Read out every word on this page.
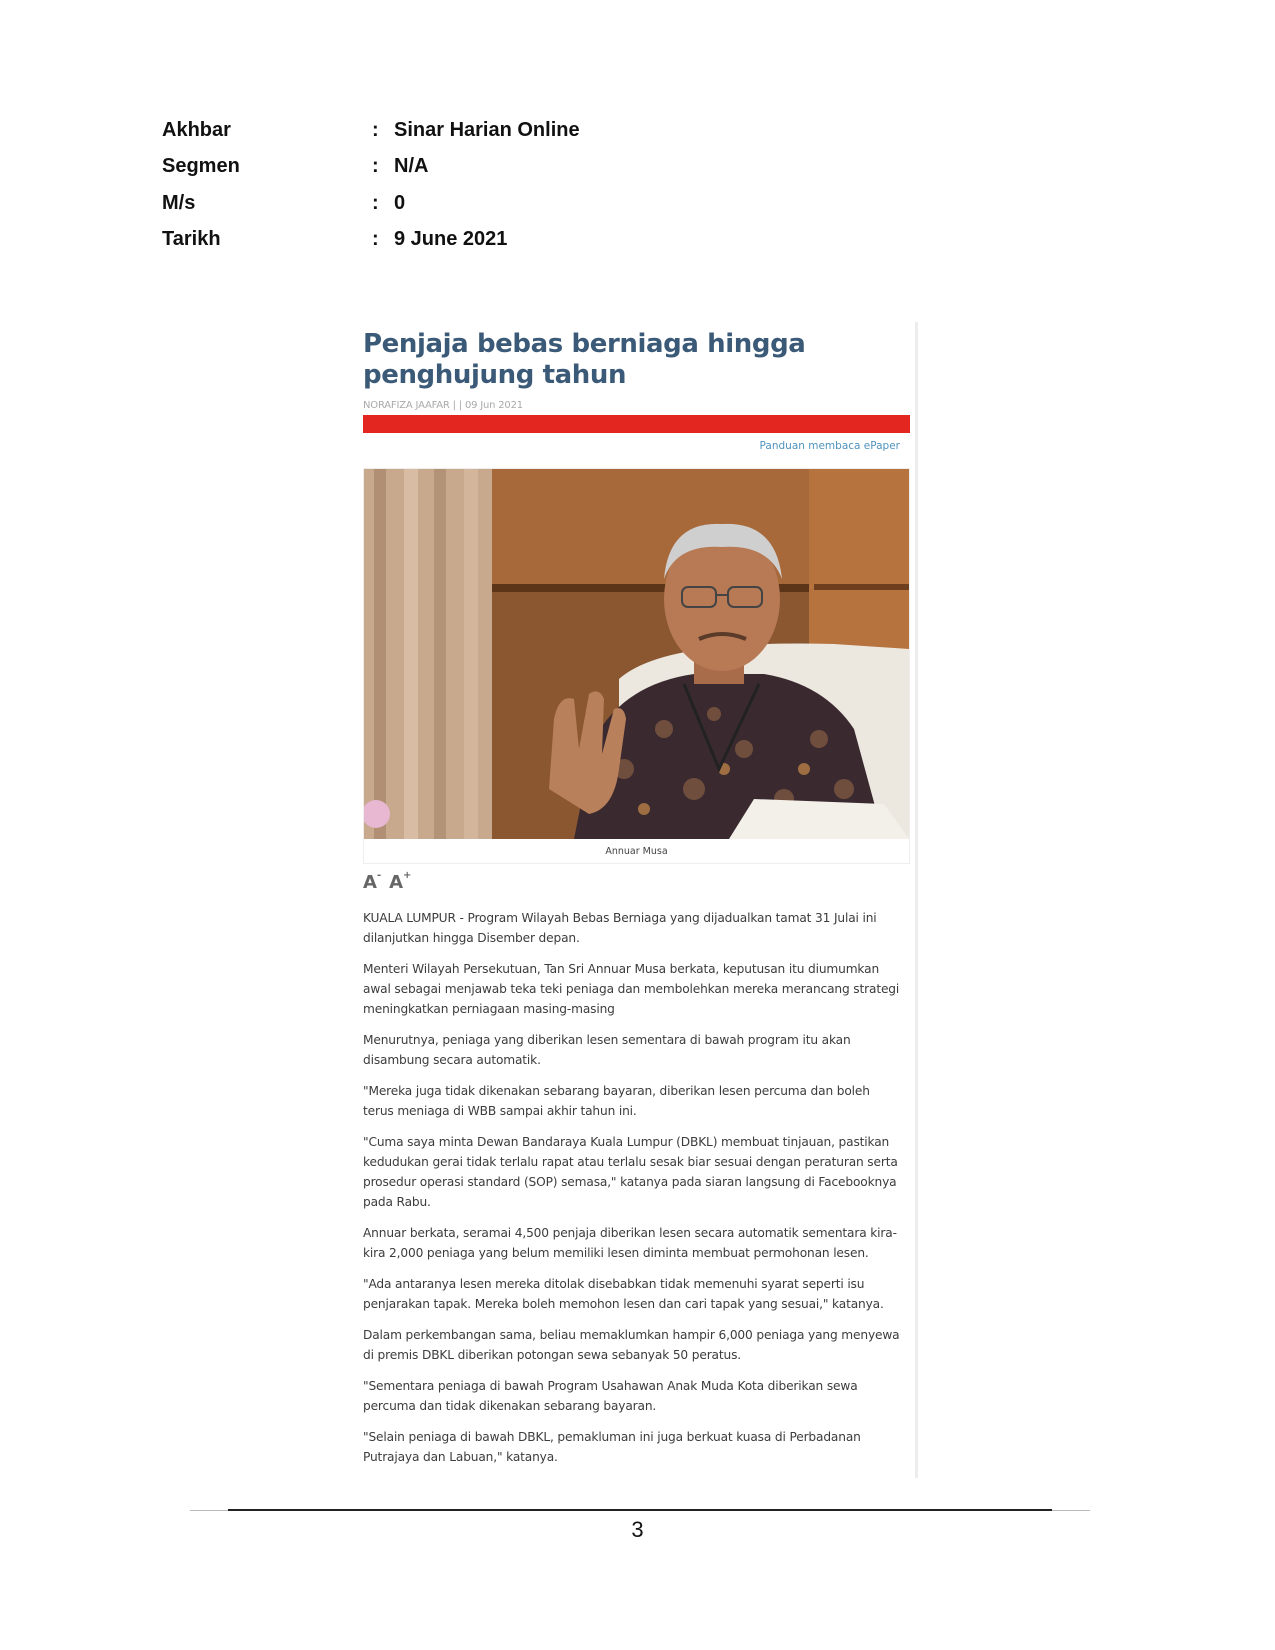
Akhbar	: Sinar Harian Online
Segmen	: N/A
M/s	: 0
Tarikh	: 9 June 2021
Penjaja bebas berniaga hingga penghujung tahun
NORAFIZA JAAFAR | | 09 Jun 2021
Panduan membaca ePaper
Annuar Musa
A- A+

KUALA LUMPUR - Program Wilayah Bebas Berniaga yang dijadualkan tamat 31 Julai ini dilanjutkan hingga Disember depan.

Menteri Wilayah Persekutuan, Tan Sri Annuar Musa berkata, keputusan itu diumumkan awal sebagai menjawab teka teki peniaga dan membolehkan mereka merancang strategi meningkatkan perniagaan masing-masing

Menurutnya, peniaga yang diberikan lesen sementara di bawah program itu akan disambung secara automatik.

"Mereka juga tidak dikenakan sebarang bayaran, diberikan lesen percuma dan boleh terus meniaga di WBB sampai akhir tahun ini.

"Cuma saya minta Dewan Bandaraya Kuala Lumpur (DBKL) membuat tinjauan, pastikan kedudukan gerai tidak terlalu rapat atau terlalu sesak biar sesuai dengan peraturan serta prosedur operasi standard (SOP) semasa," katanya pada siaran langsung di Facebooknya pada Rabu.

Annuar berkata, seramai 4,500 penjaja diberikan lesen secara automatik sementara kira-kira 2,000 peniaga yang belum memiliki lesen diminta membuat permohonan lesen.

"Ada antaranya lesen mereka ditolak disebabkan tidak memenuhi syarat seperti isu penjarakan tapak. Mereka boleh memohon lesen dan cari tapak yang sesuai," katanya.

Dalam perkembangan sama, beliau memaklumkan hampir 6,000 peniaga yang menyewa di premis DBKL diberikan potongan sewa sebanyak 50 peratus.

"Sementara peniaga di bawah Program Usahawan Anak Muda Kota diberikan sewa percuma dan tidak dikenakan sebarang bayaran.

"Selain peniaga di bawah DBKL, pemakluman ini juga berkuat kuasa di Perbadanan Putrajaya dan Labuan," katanya.

3
